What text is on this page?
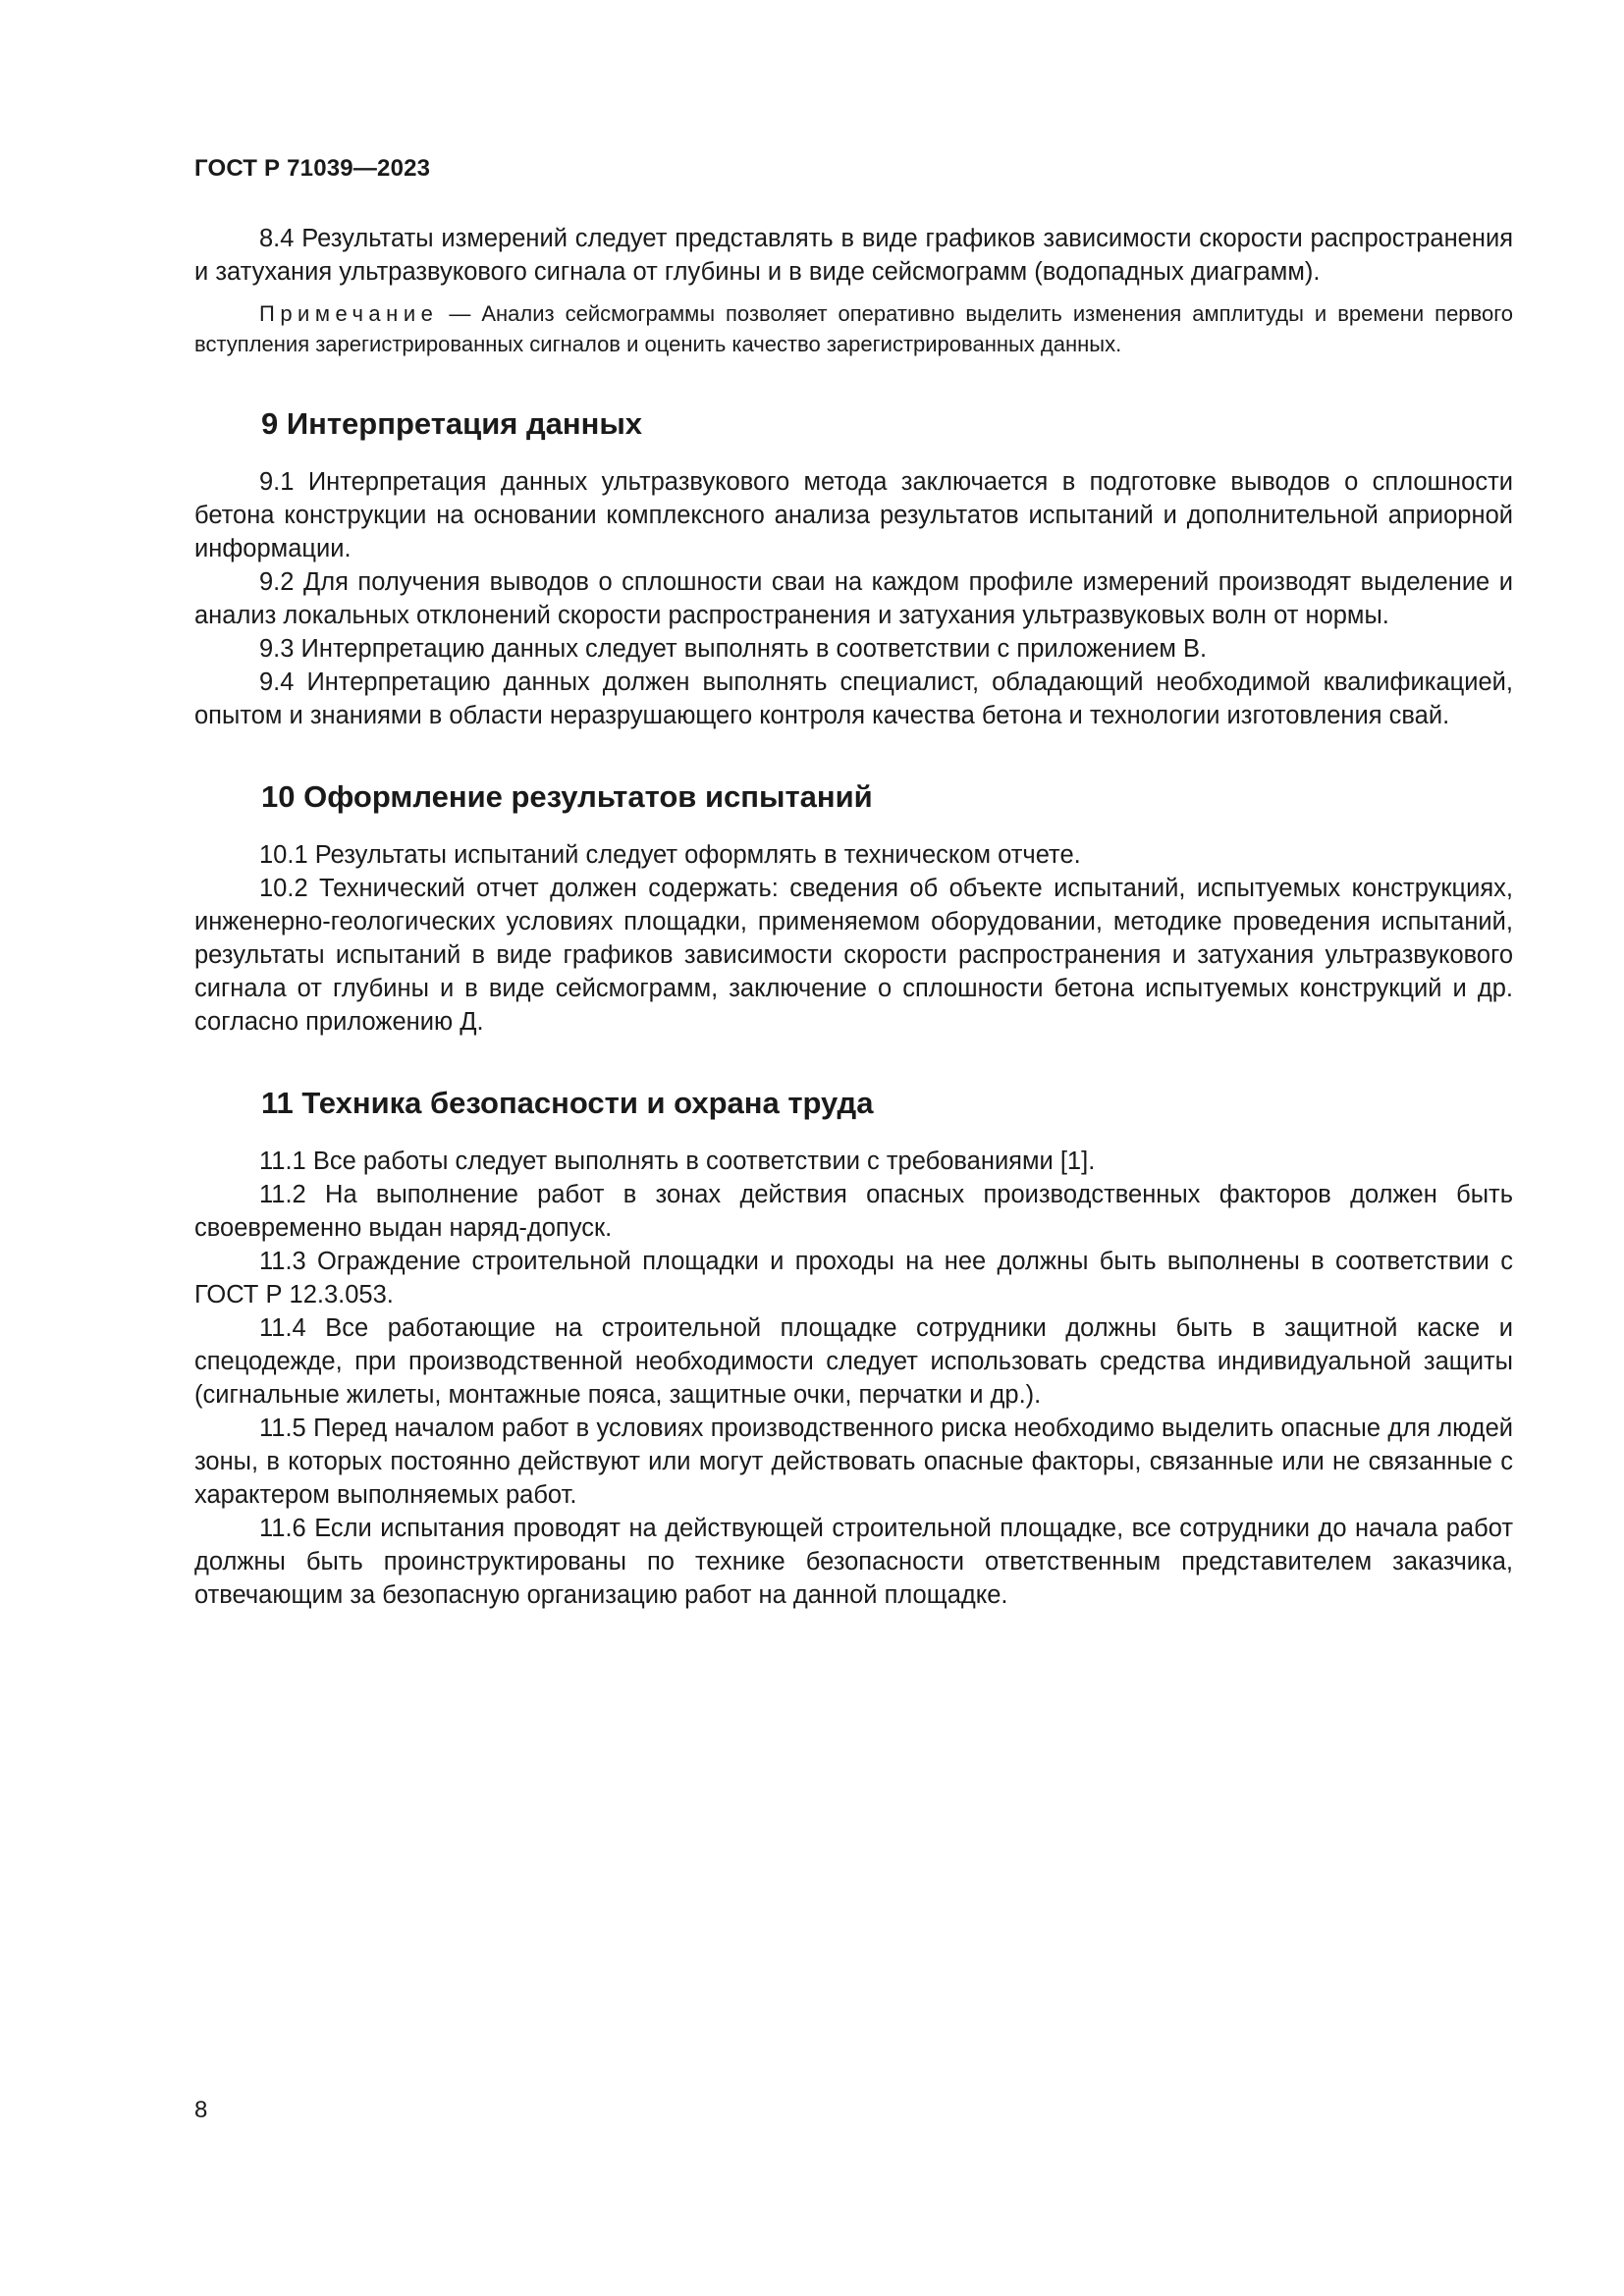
ГОСТ Р 71039—2023

8.4 Результаты измерений следует представлять в виде графиков зависимости скорости распространения и затухания ультразвукового сигнала от глубины и в виде сейсмограмм (водопадных диаграмм).

Примечание — Анализ сейсмограммы позволяет оперативно выделить изменения амплитуды и времени первого вступления зарегистрированных сигналов и оценить качество зарегистрированных данных.

9 Интерпретация данных

9.1 Интерпретация данных ультразвукового метода заключается в подготовке выводов о сплошности бетона конструкции на основании комплексного анализа результатов испытаний и дополнительной априорной информации.

9.2 Для получения выводов о сплошности сваи на каждом профиле измерений производят выделение и анализ локальных отклонений скорости распространения и затухания ультразвуковых волн от нормы.

9.3 Интерпретацию данных следует выполнять в соответствии с приложением В.

9.4 Интерпретацию данных должен выполнять специалист, обладающий необходимой квалификацией, опытом и знаниями в области неразрушающего контроля качества бетона и технологии изготовления свай.

10 Оформление результатов испытаний

10.1 Результаты испытаний следует оформлять в техническом отчете.

10.2 Технический отчет должен содержать: сведения об объекте испытаний, испытуемых конструкциях, инженерно-геологических условиях площадки, применяемом оборудовании, методике проведения испытаний, результаты испытаний в виде графиков зависимости скорости распространения и затухания ультразвукового сигнала от глубины и в виде сейсмограмм, заключение о сплошности бетона испытуемых конструкций и др. согласно приложению Д.

11 Техника безопасности и охрана труда

11.1 Все работы следует выполнять в соответствии с требованиями [1].

11.2 На выполнение работ в зонах действия опасных производственных факторов должен быть своевременно выдан наряд-допуск.

11.3 Ограждение строительной площадки и проходы на нее должны быть выполнены в соответствии с ГОСТ Р 12.3.053.

11.4 Все работающие на строительной площадке сотрудники должны быть в защитной каске и спецодежде, при производственной необходимости следует использовать средства индивидуальной защиты (сигнальные жилеты, монтажные пояса, защитные очки, перчатки и др.).

11.5 Перед началом работ в условиях производственного риска необходимо выделить опасные для людей зоны, в которых постоянно действуют или могут действовать опасные факторы, связанные или не связанные с характером выполняемых работ.

11.6 Если испытания проводят на действующей строительной площадке, все сотрудники до начала работ должны быть проинструктированы по технике безопасности ответственным представителем заказчика, отвечающим за безопасную организацию работ на данной площадке.

8
